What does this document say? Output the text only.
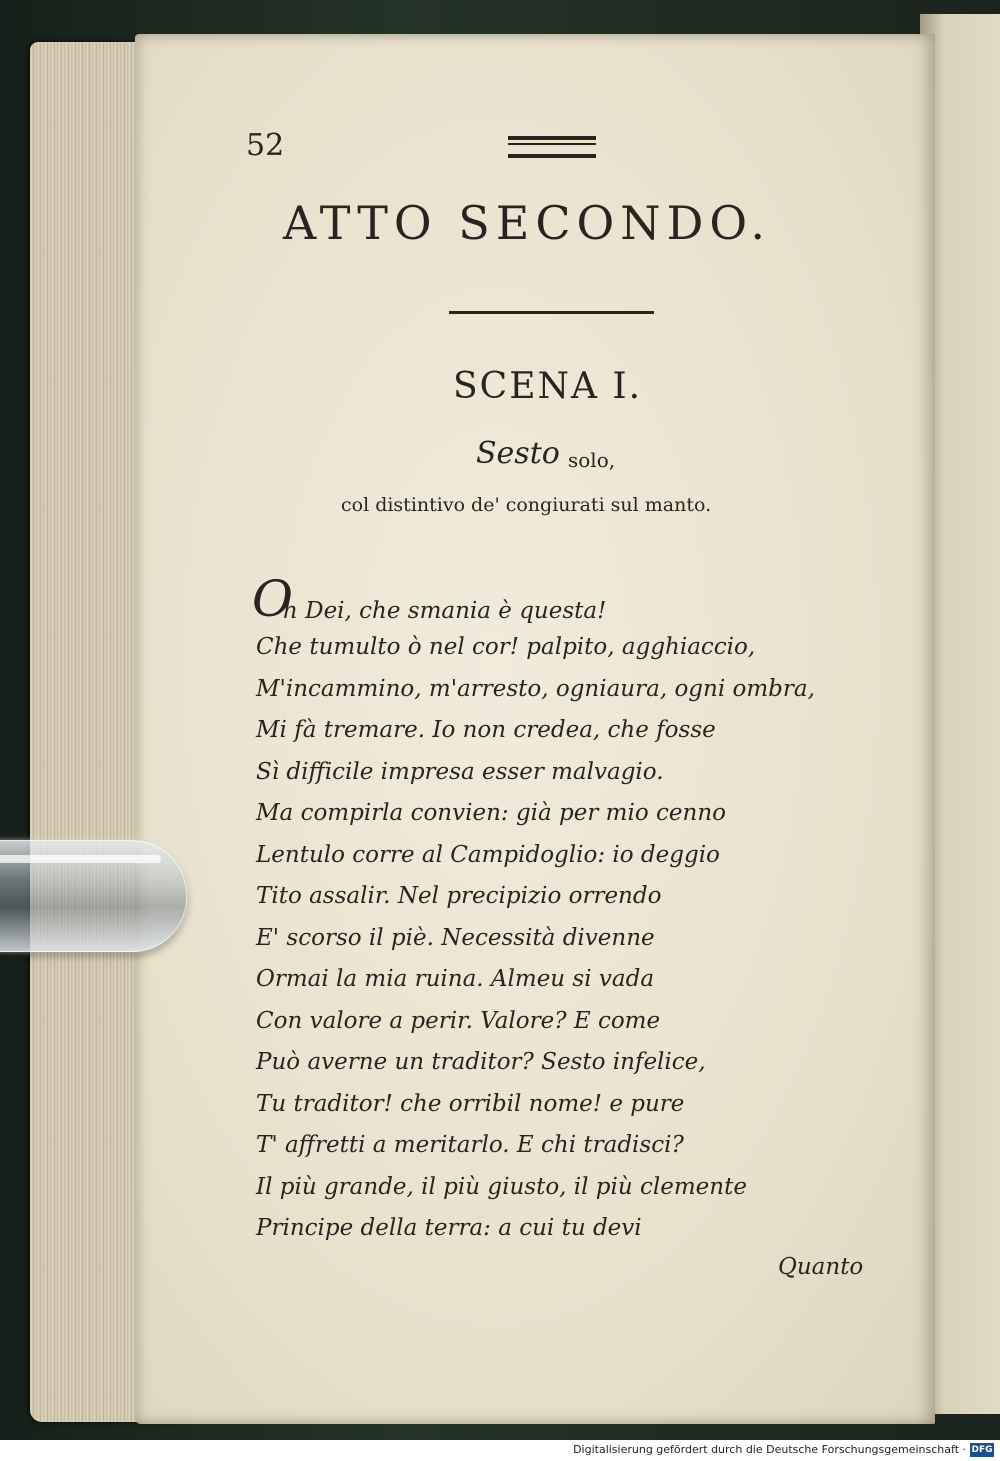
52
ATTO SECONDO.
SCENA I.
Sesto solo,
col distintivo de' congiurati sul manto.
O
h Dei, che smania è questa!
Che tumulto ò nel cor! palpito, agghiaccio,
M'incammino, m'arresto, ogniaura, ogni ombra,
Mi fà tremare. Io non credea, che fosse
Sì difficile impresa esser malvagio.
Ma compirla convien: già per mio cenno
Lentulo corre al Campidoglio: io deggio
Tito assalir. Nel precipizio orrendo
E' scorso il piè. Necessità divenne
Ormai la mia ruina. Almeu si vada
Con valore a perir. Valore? E come
Può averne un traditor? Sesto infelice,
Tu traditor! che orribil nome! e pure
T' affretti a meritarlo. E chi tradisci?
Il più grande, il più giusto, il più clemente
Principe della terra: a cui tu devi
Quanto
Digitalisierung gefördert durch die Deutsche Forschungsgemeinschaft · DFG
